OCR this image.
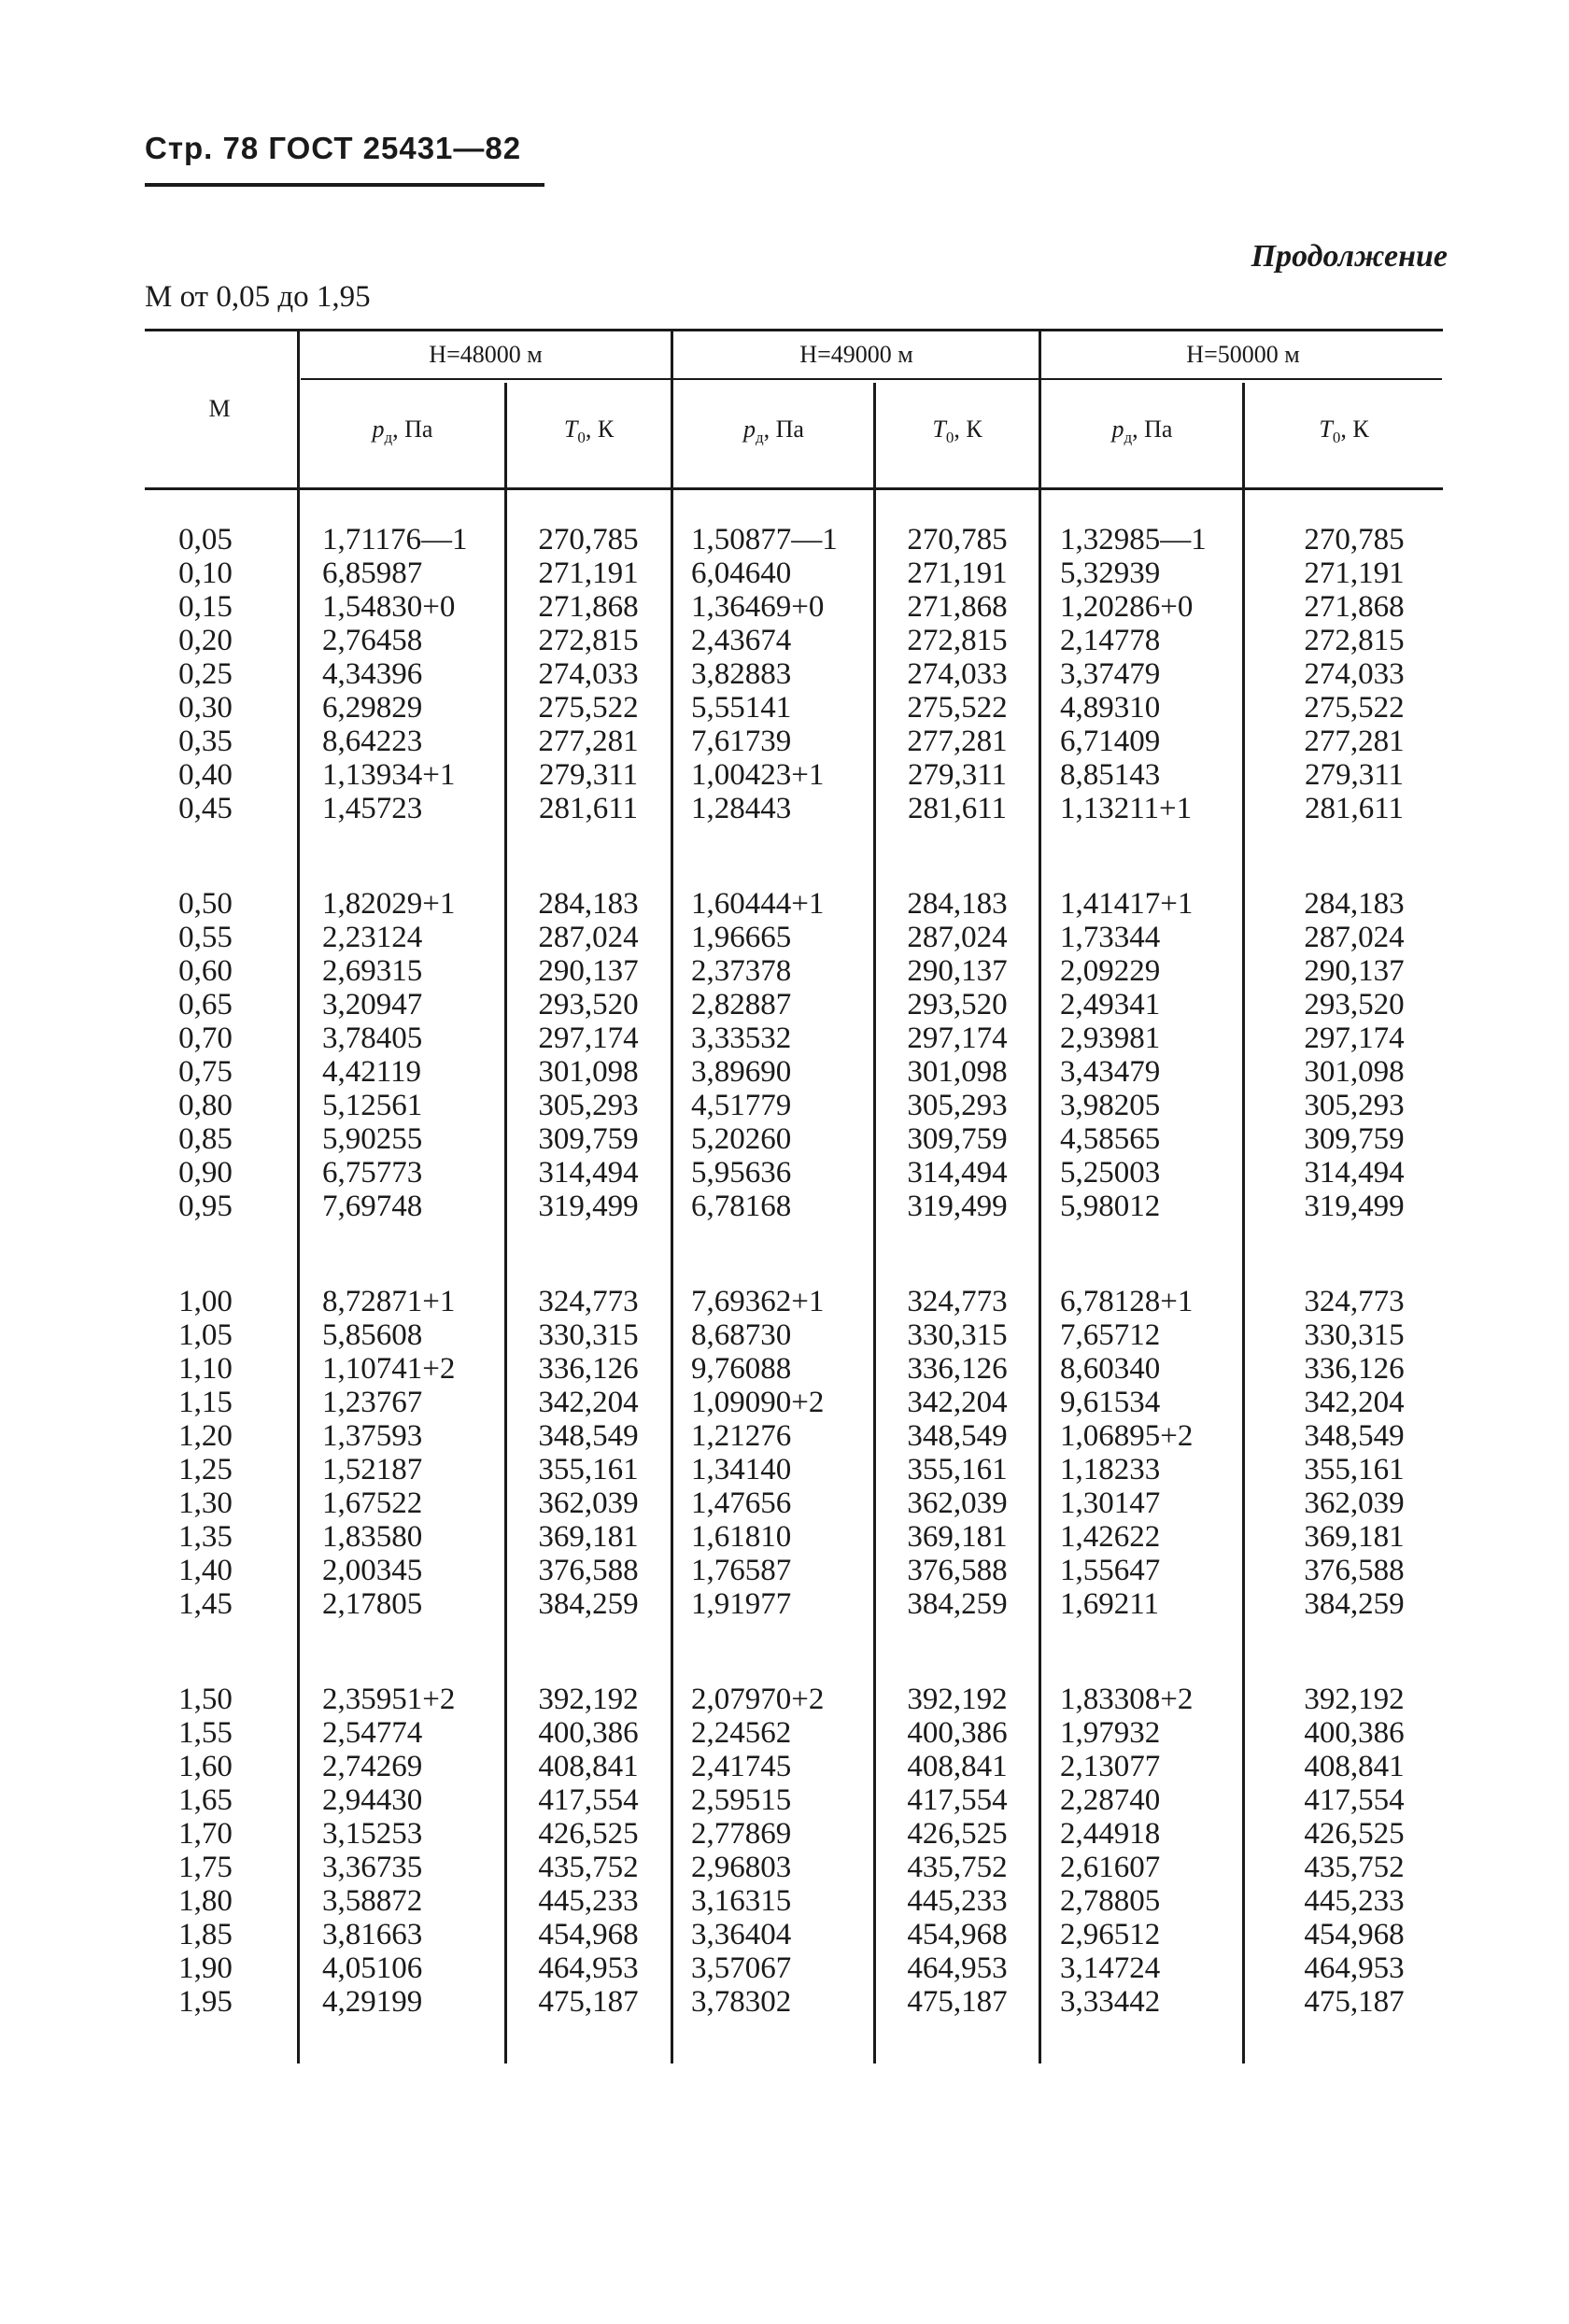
Стр. 78 ГОСТ 25431—82
Продолжение
М от 0,05 до 1,95
М
H=48000 м	H=49000 м	H=50000 м
$p_д$, Па	$T_0$, К	$p_д$, Па	$T_0$, К	$p_д$, Па	$T_0$, К
0,05	1,71176—1	270,785	1,50877—1	270,785	1,32985—1	270,785
0,10	6,85987	271,191	6,04640	271,191	5,32939	271,191
0,15	1,54830+0	271,868	1,36469+0	271,868	1,20286+0	271,868
0,20	2,76458	272,815	2,43674	272,815	2,14778	272,815
0,25	4,34396	274,033	3,82883	274,033	3,37479	274,033
0,30	6,29829	275,522	5,55141	275,522	4,89310	275,522
0,35	8,64223	277,281	7,61739	277,281	6,71409	277,281
0,40	1,13934+1	279,311	1,00423+1	279,311	8,85143	279,311
0,45	1,45723	281,611	1,28443	281,611	1,13211+1	281,611
0,50	1,82029+1	284,183	1,60444+1	284,183	1,41417+1	284,183
0,55	2,23124	287,024	1,96665	287,024	1,73344	287,024
0,60	2,69315	290,137	2,37378	290,137	2,09229	290,137
0,65	3,20947	293,520	2,82887	293,520	2,49341	293,520
0,70	3,78405	297,174	3,33532	297,174	2,93981	297,174
0,75	4,42119	301,098	3,89690	301,098	3,43479	301,098
0,80	5,12561	305,293	4,51779	305,293	3,98205	305,293
0,85	5,90255	309,759	5,20260	309,759	4,58565	309,759
0,90	6,75773	314,494	5,95636	314,494	5,25003	314,494
0,95	7,69748	319,499	6,78168	319,499	5,98012	319,499
1,00	8,72871+1	324,773	7,69362+1	324,773	6,78128+1	324,773
1,05	5,85608	330,315	8,68730	330,315	7,65712	330,315
1,10	1,10741+2	336,126	9,76088	336,126	8,60340	336,126
1,15	1,23767	342,204	1,09090+2	342,204	9,61534	342,204
1,20	1,37593	348,549	1,21276	348,549	1,06895+2	348,549
1,25	1,52187	355,161	1,34140	355,161	1,18233	355,161
1,30	1,67522	362,039	1,47656	362,039	1,30147	362,039
1,35	1,83580	369,181	1,61810	369,181	1,42622	369,181
1,40	2,00345	376,588	1,76587	376,588	1,55647	376,588
1,45	2,17805	384,259	1,91977	384,259	1,69211	384,259
1,50	2,35951+2	392,192	2,07970+2	392,192	1,83308+2	392,192
1,55	2,54774	400,386	2,24562	400,386	1,97932	400,386
1,60	2,74269	408,841	2,41745	408,841	2,13077	408,841
1,65	2,94430	417,554	2,59515	417,554	2,28740	417,554
1,70	3,15253	426,525	2,77869	426,525	2,44918	426,525
1,75	3,36735	435,752	2,96803	435,752	2,61607	435,752
1,80	3,58872	445,233	3,16315	445,233	2,78805	445,233
1,85	3,81663	454,968	3,36404	454,968	2,96512	454,968
1,90	4,05106	464,953	3,57067	464,953	3,14724	464,953
1,95	4,29199	475,187	3,78302	475,187	3,33442	475,187
